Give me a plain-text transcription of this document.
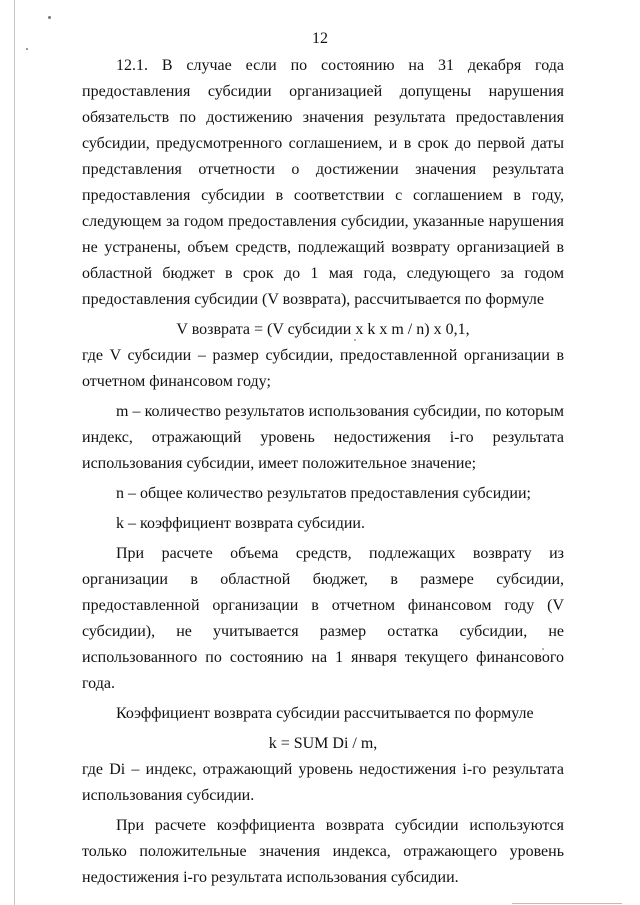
12

12.1. В случае если по состоянию на 31 декабря года предоставления субсидии организацией допущены нарушения обязательств по достижению значения результата предоставления субсидии, предусмотренного соглашением, и в срок до первой даты представления отчетности о достижении значения результата предоставления субсидии в соответствии с соглашением в году, следующем за годом предоставления субсидии, указанные нарушения не устранены, объем средств, подлежащий возврату организацией в областной бюджет в срок до 1 мая года, следующего за годом предоставления субсидии (V возврата), рассчитывается по формуле

V возврата = (V субсидии x k x m / n) x 0,1,

где V субсидии – размер субсидии, предоставленной организации в отчетном финансовом году;

m – количество результатов использования субсидии, по которым индекс, отражающий уровень недостижения i-го результата использования субсидии, имеет положительное значение;

n – общее количество результатов предоставления субсидии;

k – коэффициент возврата субсидии.

При расчете объема средств, подлежащих возврату из организации в областной бюджет, в размере субсидии, предоставленной организации в отчетном финансовом году (V субсидии), не учитывается размер остатка субсидии, не использованного по состоянию на 1 января текущего финансового года.

Коэффициент возврата субсидии рассчитывается по формуле

k = SUM Di / m,

где Di – индекс, отражающий уровень недостижения i-го результата использования субсидии.

При расчете коэффициента возврата субсидии используются только положительные значения индекса, отражающего уровень недостижения i-го результата использования субсидии.
